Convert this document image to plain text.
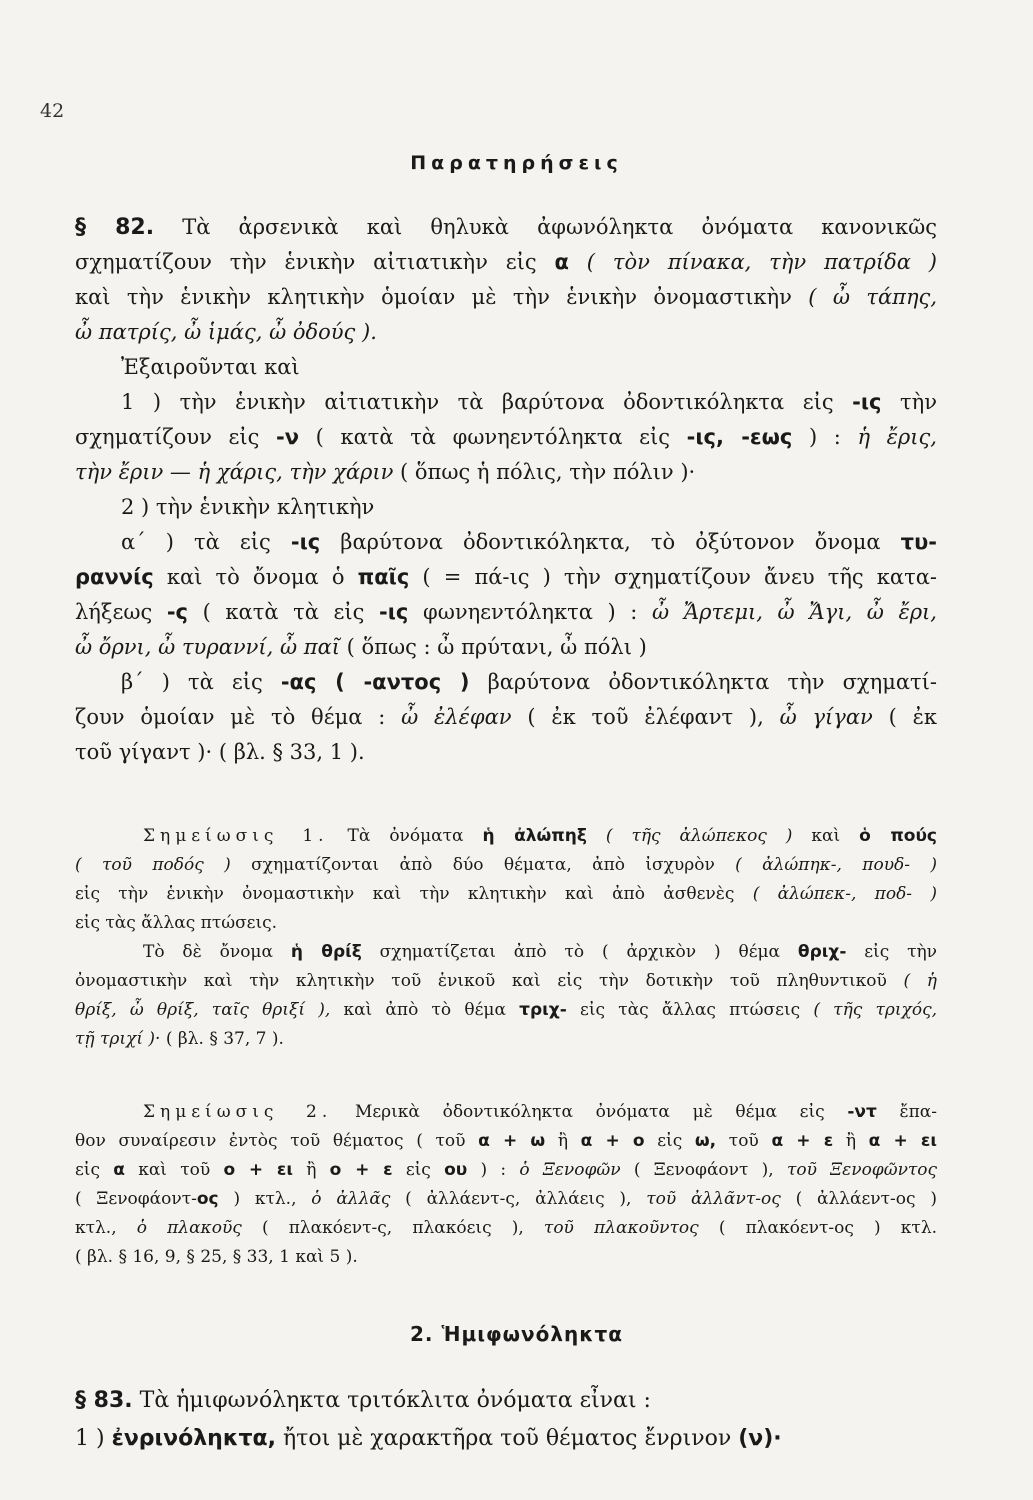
42
Παρατηρήσεις
§ 82. Τὰ ἀρσενικὰ καὶ θηλυκὰ ἀφωνόληκτα ὀνόματα κανονικῶς
σχηματίζουν τὴν ἑνικὴν αἰτιατικὴν εἰς α ( τὸν πίνακα, τὴν πατρίδα )
καὶ τὴν ἑνικὴν κλητικὴν ὁμοίαν μὲ τὴν ἑνικὴν ὀνομαστικὴν ( ὦ τάπης,
ὦ πατρίς, ὦ ἱμάς, ὦ ὀδούς ).
Ἐξαιροῦνται καὶ
1 ) τὴν ἑνικὴν αἰτιατικὴν τὰ βαρύτονα ὀδοντικόληκτα εἰς -ις τὴν
σχηματίζουν εἰς -ν ( κατὰ τὰ φωνηεντόληκτα εἰς -ις, -εως ) : ἡ ἔρις,
τὴν ἔριν — ἡ χάρις, τὴν χάριν ( ὅπως ἡ πόλις, τὴν πόλιν )·
2 ) τὴν ἑνικὴν κλητικὴν
α΄ ) τὰ εἰς -ις βαρύτονα ὀδοντικόληκτα, τὸ ὀξύτονον ὄνομα τυ-
ραννίς καὶ τὸ ὄνομα ὁ παῖς ( = πά-ις ) τὴν σχηματίζουν ἄνευ τῆς κατα-
λήξεως -ς ( κατὰ τὰ εἰς -ις φωνηεντόληκτα ) : ὦ Ἄρτεμι, ὦ Ἄγι, ὦ ἔρι,
ὦ ὄρνι, ὦ τυραννί, ὦ παῖ ( ὅπως : ὦ πρύτανι, ὦ πόλι )
β΄ ) τὰ εἰς -ας ( -αντος ) βαρύτονα ὀδοντικόληκτα τὴν σχηματί-
ζουν ὁμοίαν μὲ τὸ θέμα : ὦ ἐλέφαν ( ἐκ τοῦ ἐλέφαντ ), ὦ γίγαν ( ἐκ
τοῦ γίγαντ )· ( βλ. § 33, 1 ).
Σημείωσις 1. Τὰ ὀνόματα ἡ ἀλώπηξ ( τῆς ἀλώπεκος ) καὶ ὁ πούς
( τοῦ ποδός ) σχηματίζονται ἀπὸ δύο θέματα, ἀπὸ ἰσχυρὸν ( ἀλώπηκ-, πουδ- )
εἰς τὴν ἑνικὴν ὀνομαστικὴν καὶ τὴν κλητικὴν καὶ ἀπὸ ἀσθενὲς ( ἀλώπεκ-, ποδ- )
εἰς τὰς ἄλλας πτώσεις.
Τὸ δὲ ὄνομα ἡ θρίξ σχηματίζεται ἀπὸ τὸ ( ἀρχικὸν ) θέμα θριχ- εἰς τὴν
ὀνομαστικὴν καὶ τὴν κλητικὴν τοῦ ἑνικοῦ καὶ εἰς τὴν δοτικὴν τοῦ πληθυντικοῦ ( ἡ
θρίξ, ὦ θρίξ, ταῖς θριξί ), καὶ ἀπὸ τὸ θέμα τριχ- εἰς τὰς ἄλλας πτώσεις ( τῆς τριχός,
τῇ τριχί )· ( βλ. § 37, 7 ).
Σημείωσις 2. Μερικὰ ὀδοντικόληκτα ὀνόματα μὲ θέμα εἰς -ντ ἔπα-
θον συναίρεσιν ἐντὸς τοῦ θέματος ( τοῦ α + ω ἢ α + ο εἰς ω, τοῦ α + ε ἢ α + ει
εἰς α καὶ τοῦ ο + ει ἢ ο + ε εἰς ου ) : ὁ Ξενοφῶν ( Ξενοφάοντ ), τοῦ Ξενοφῶντος
( Ξενοφάοντ-ος ) κτλ., ὁ ἀλλᾶς ( ἀλλάεντ-ς, ἀλλάεις ), τοῦ ἀλλᾶντ-ος ( ἀλλάεντ-ος )
κτλ., ὁ πλακοῦς ( πλακόεντ-ς, πλακόεις ), τοῦ πλακοῦντος ( πλακόεντ-ος ) κτλ.
( βλ. § 16, 9, § 25, § 33, 1 καὶ 5 ).
2. Ἡμιφωνόληκτα
§ 83. Τὰ ἡμιφωνόληκτα τριτόκλιτα ὀνόματα εἶναι :
1 ) ἐνρινόληκτα, ἤτοι μὲ χαρακτῆρα τοῦ θέματος ἔνρινον (ν)·
